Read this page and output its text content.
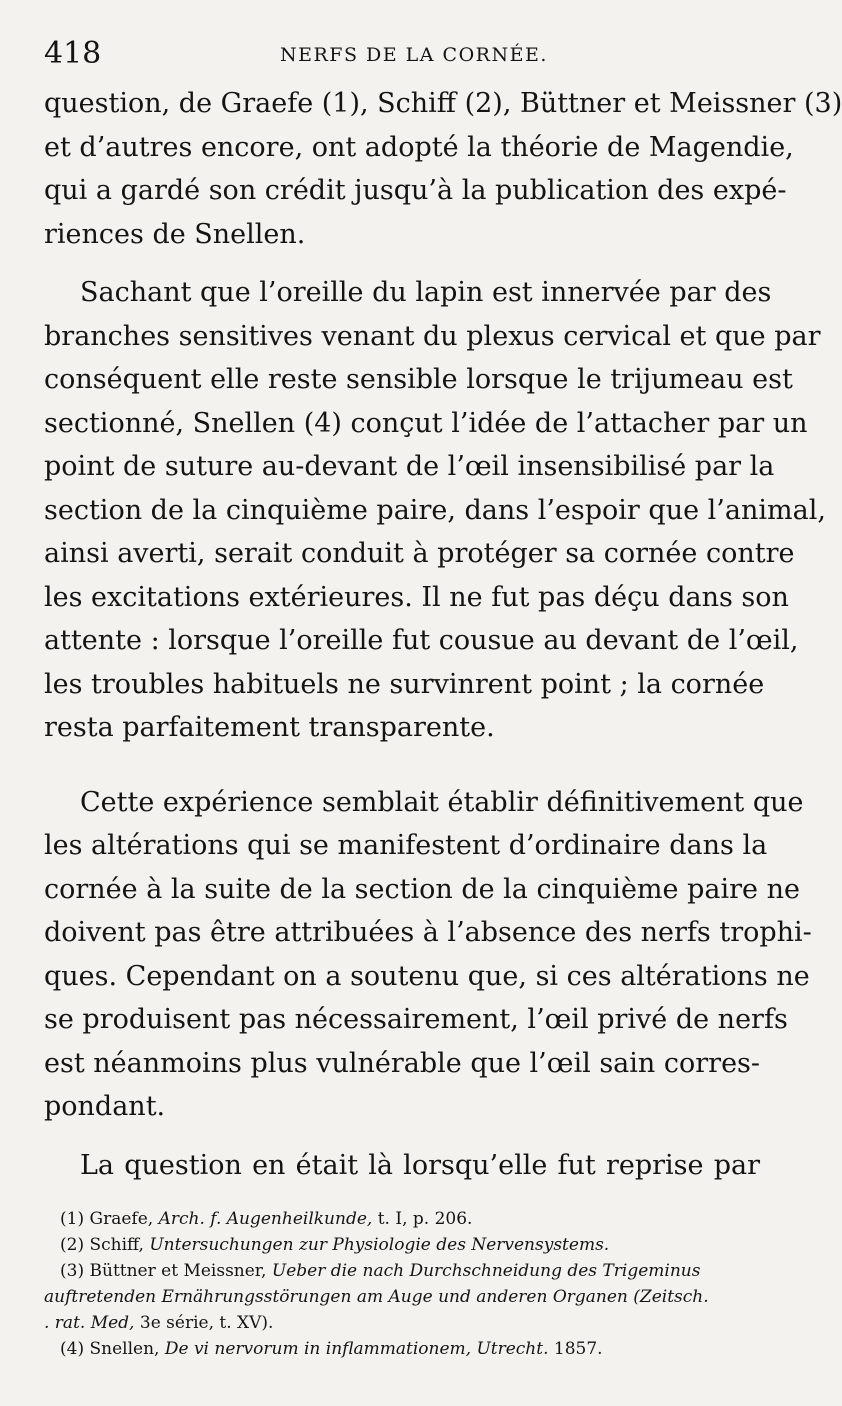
418	NERFS DE LA CORNÉE.
question, de Graefe (1), Schiff (2), Büttner et Meissner (3)
et d’autres encore, ont adopté la théorie de Magendie,
qui a gardé son crédit jusqu’à la publication des expé-
riences de Snellen.
Sachant que l’oreille du lapin est innervée par des
branches sensitives venant du plexus cervical et que par
conséquent elle reste sensible lorsque le trijumeau est
sectionné, Snellen (4) conçut l’idée de l’attacher par un
point de suture au-devant de l’œil insensibilisé par la
section de la cinquième paire, dans l’espoir que l’animal,
ainsi averti, serait conduit à protéger sa cornée contre
les excitations extérieures. Il ne fut pas déçu dans son
attente : lorsque l’oreille fut cousue au devant de l’œil,
les troubles habituels ne survinrent point ; la cornée
resta parfaitement transparente.
Cette expérience semblait établir définitivement que
les altérations qui se manifestent d’ordinaire dans la
cornée à la suite de la section de la cinquième paire ne
doivent pas être attribuées à l’absence des nerfs trophi-
ques. Cependant on a soutenu que, si ces altérations ne
se produisent pas nécessairement, l’œil privé de nerfs
est néanmoins plus vulnérable que l’œil sain corres-
pondant.
La question en était là lorsqu’elle fut reprise par
(1) Graefe, Arch. f. Augenheilkunde, t. I, p. 206.
(2) Schiff, Untersuchungen zur Physiologie des Nervensystems.
(3) Büttner et Meissner, Ueber die nach Durchschneidung des Trigeminus
auftretenden Ernährungsstörungen am Auge und anderen Organen (Zeitsch.
. rat. Med, 3e série, t. XV).
(4) Snellen, De vi nervorum in inflammationem, Utrecht. 1857.
